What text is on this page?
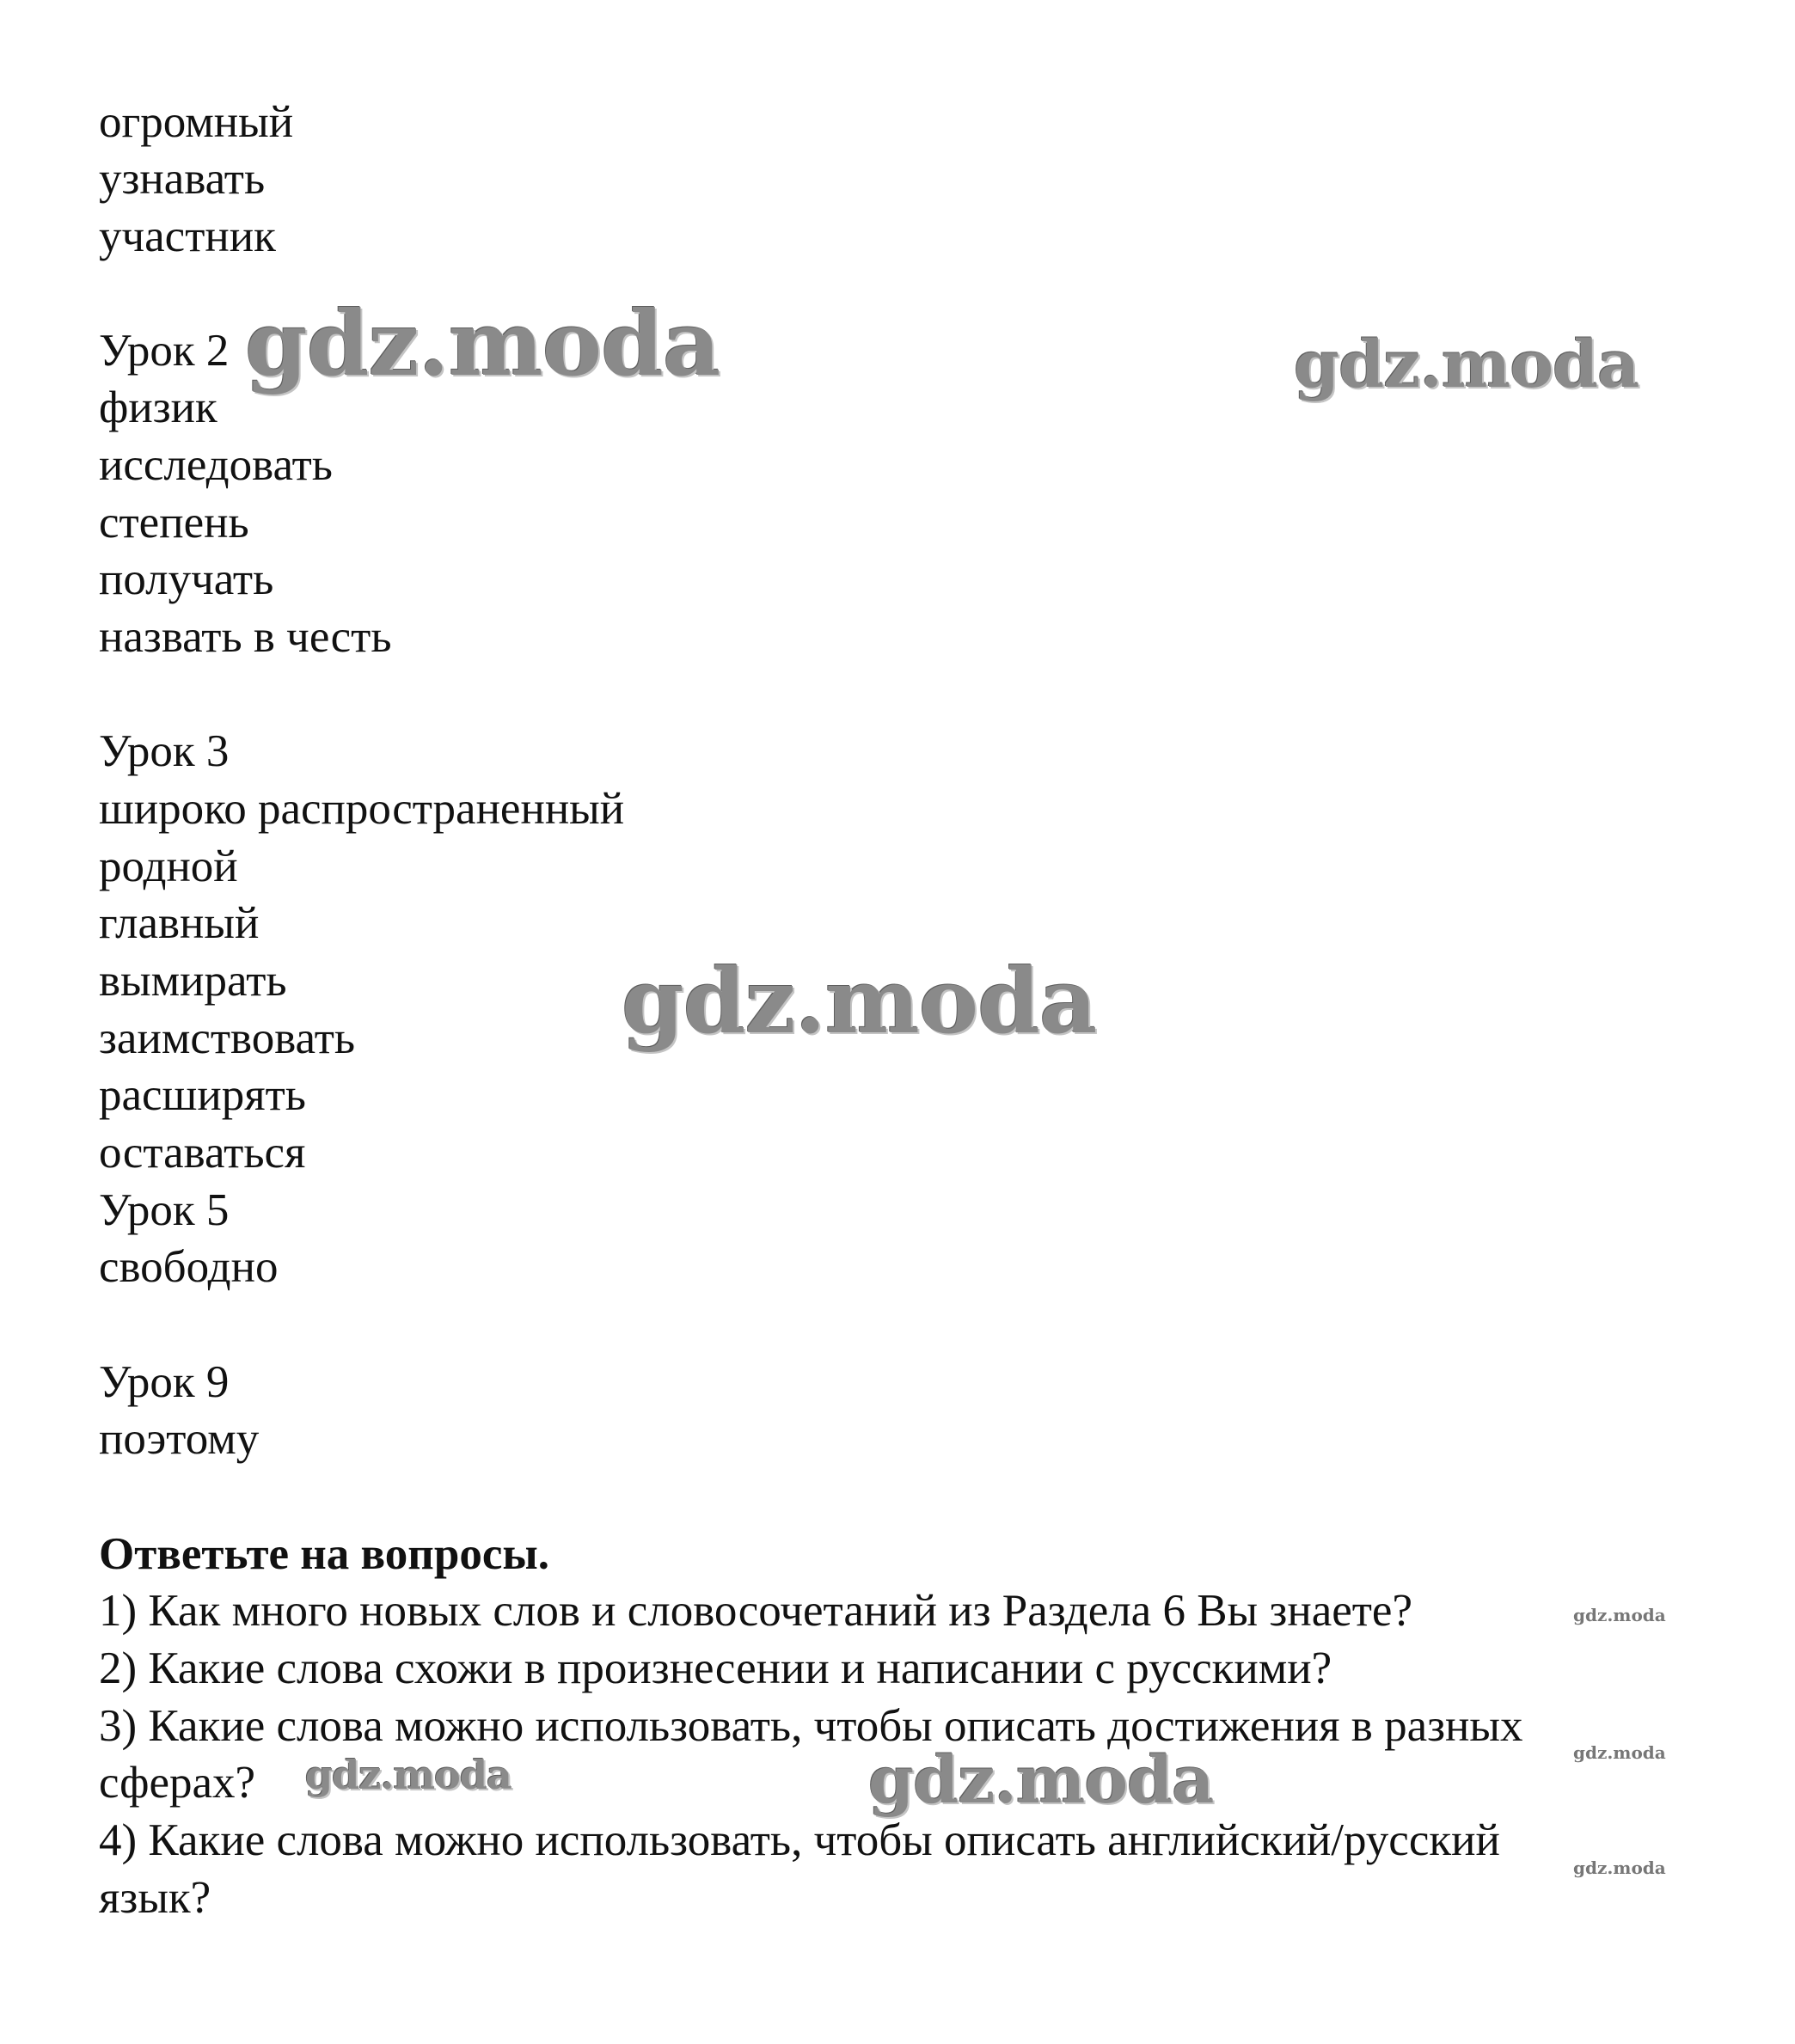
огромный
узнавать
участник
Урок 2
физик
исследовать
степень
получать
назвать в честь
Урок 3
широко распространенный
родной
главный
вымирать
заимствовать
расширять
оставаться
Урок 5
свободно
Урок 9
поэтому
Ответьте на вопросы.
1) Как много новых слов и словосочетаний из Раздела 6 Вы знаете?
2) Какие слова схожи в произнесении и написании с русскими?
3) Какие слова можно использовать, чтобы описать достижения в разных
сферах?
4) Какие слова можно использовать, чтобы описать английский/русский
язык?
gdz.moda	gdz.moda
gdz.moda
gdz.moda
gdz.moda
gdz.moda	gdz.moda
gdz.moda
